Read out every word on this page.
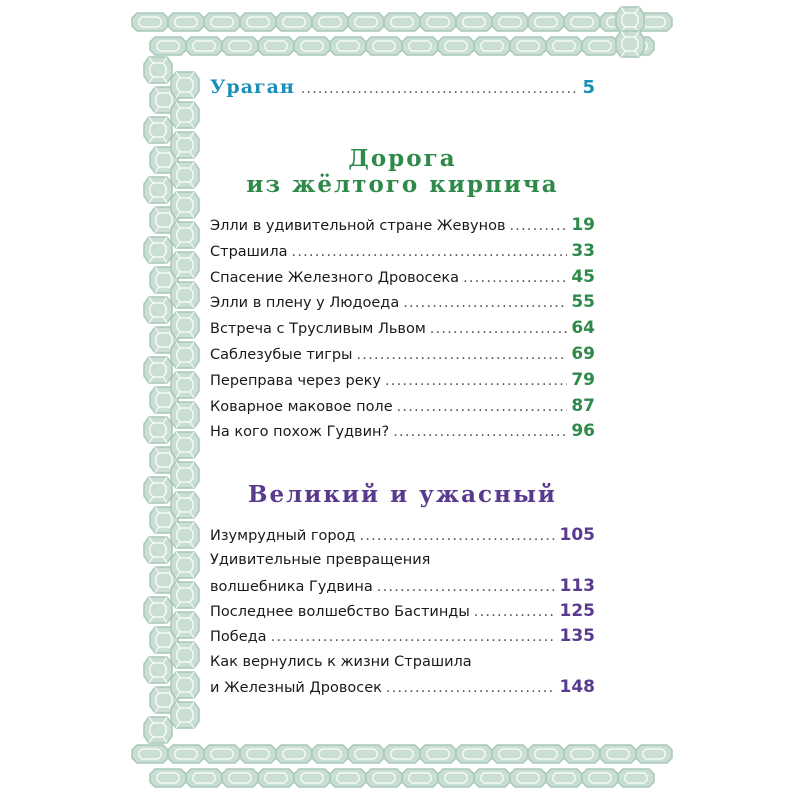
Ураган .....	5
Дорога
из жёлтого кирпича
Элли в удивительной стране Жевунов .....	19
Страшила .....	33
Спасение Железного Дровосека .....	45
Элли в плену у Людоеда .....	55
Встреча с Трусливым Львом .....	64
Саблезубые тигры .....	69
Переправа через реку .....	79
Коварное маковое поле .....	87
На кого похож Гудвин? .....	96
Великий и ужасный
Изумрудный город .....	105
Удивительные превращения
волшебника Гудвина .....	113
Последнее волшебство Бастинды .....	125
Победа .....	135
Как вернулись к жизни Страшила
и Железный Дровосек .....	148
